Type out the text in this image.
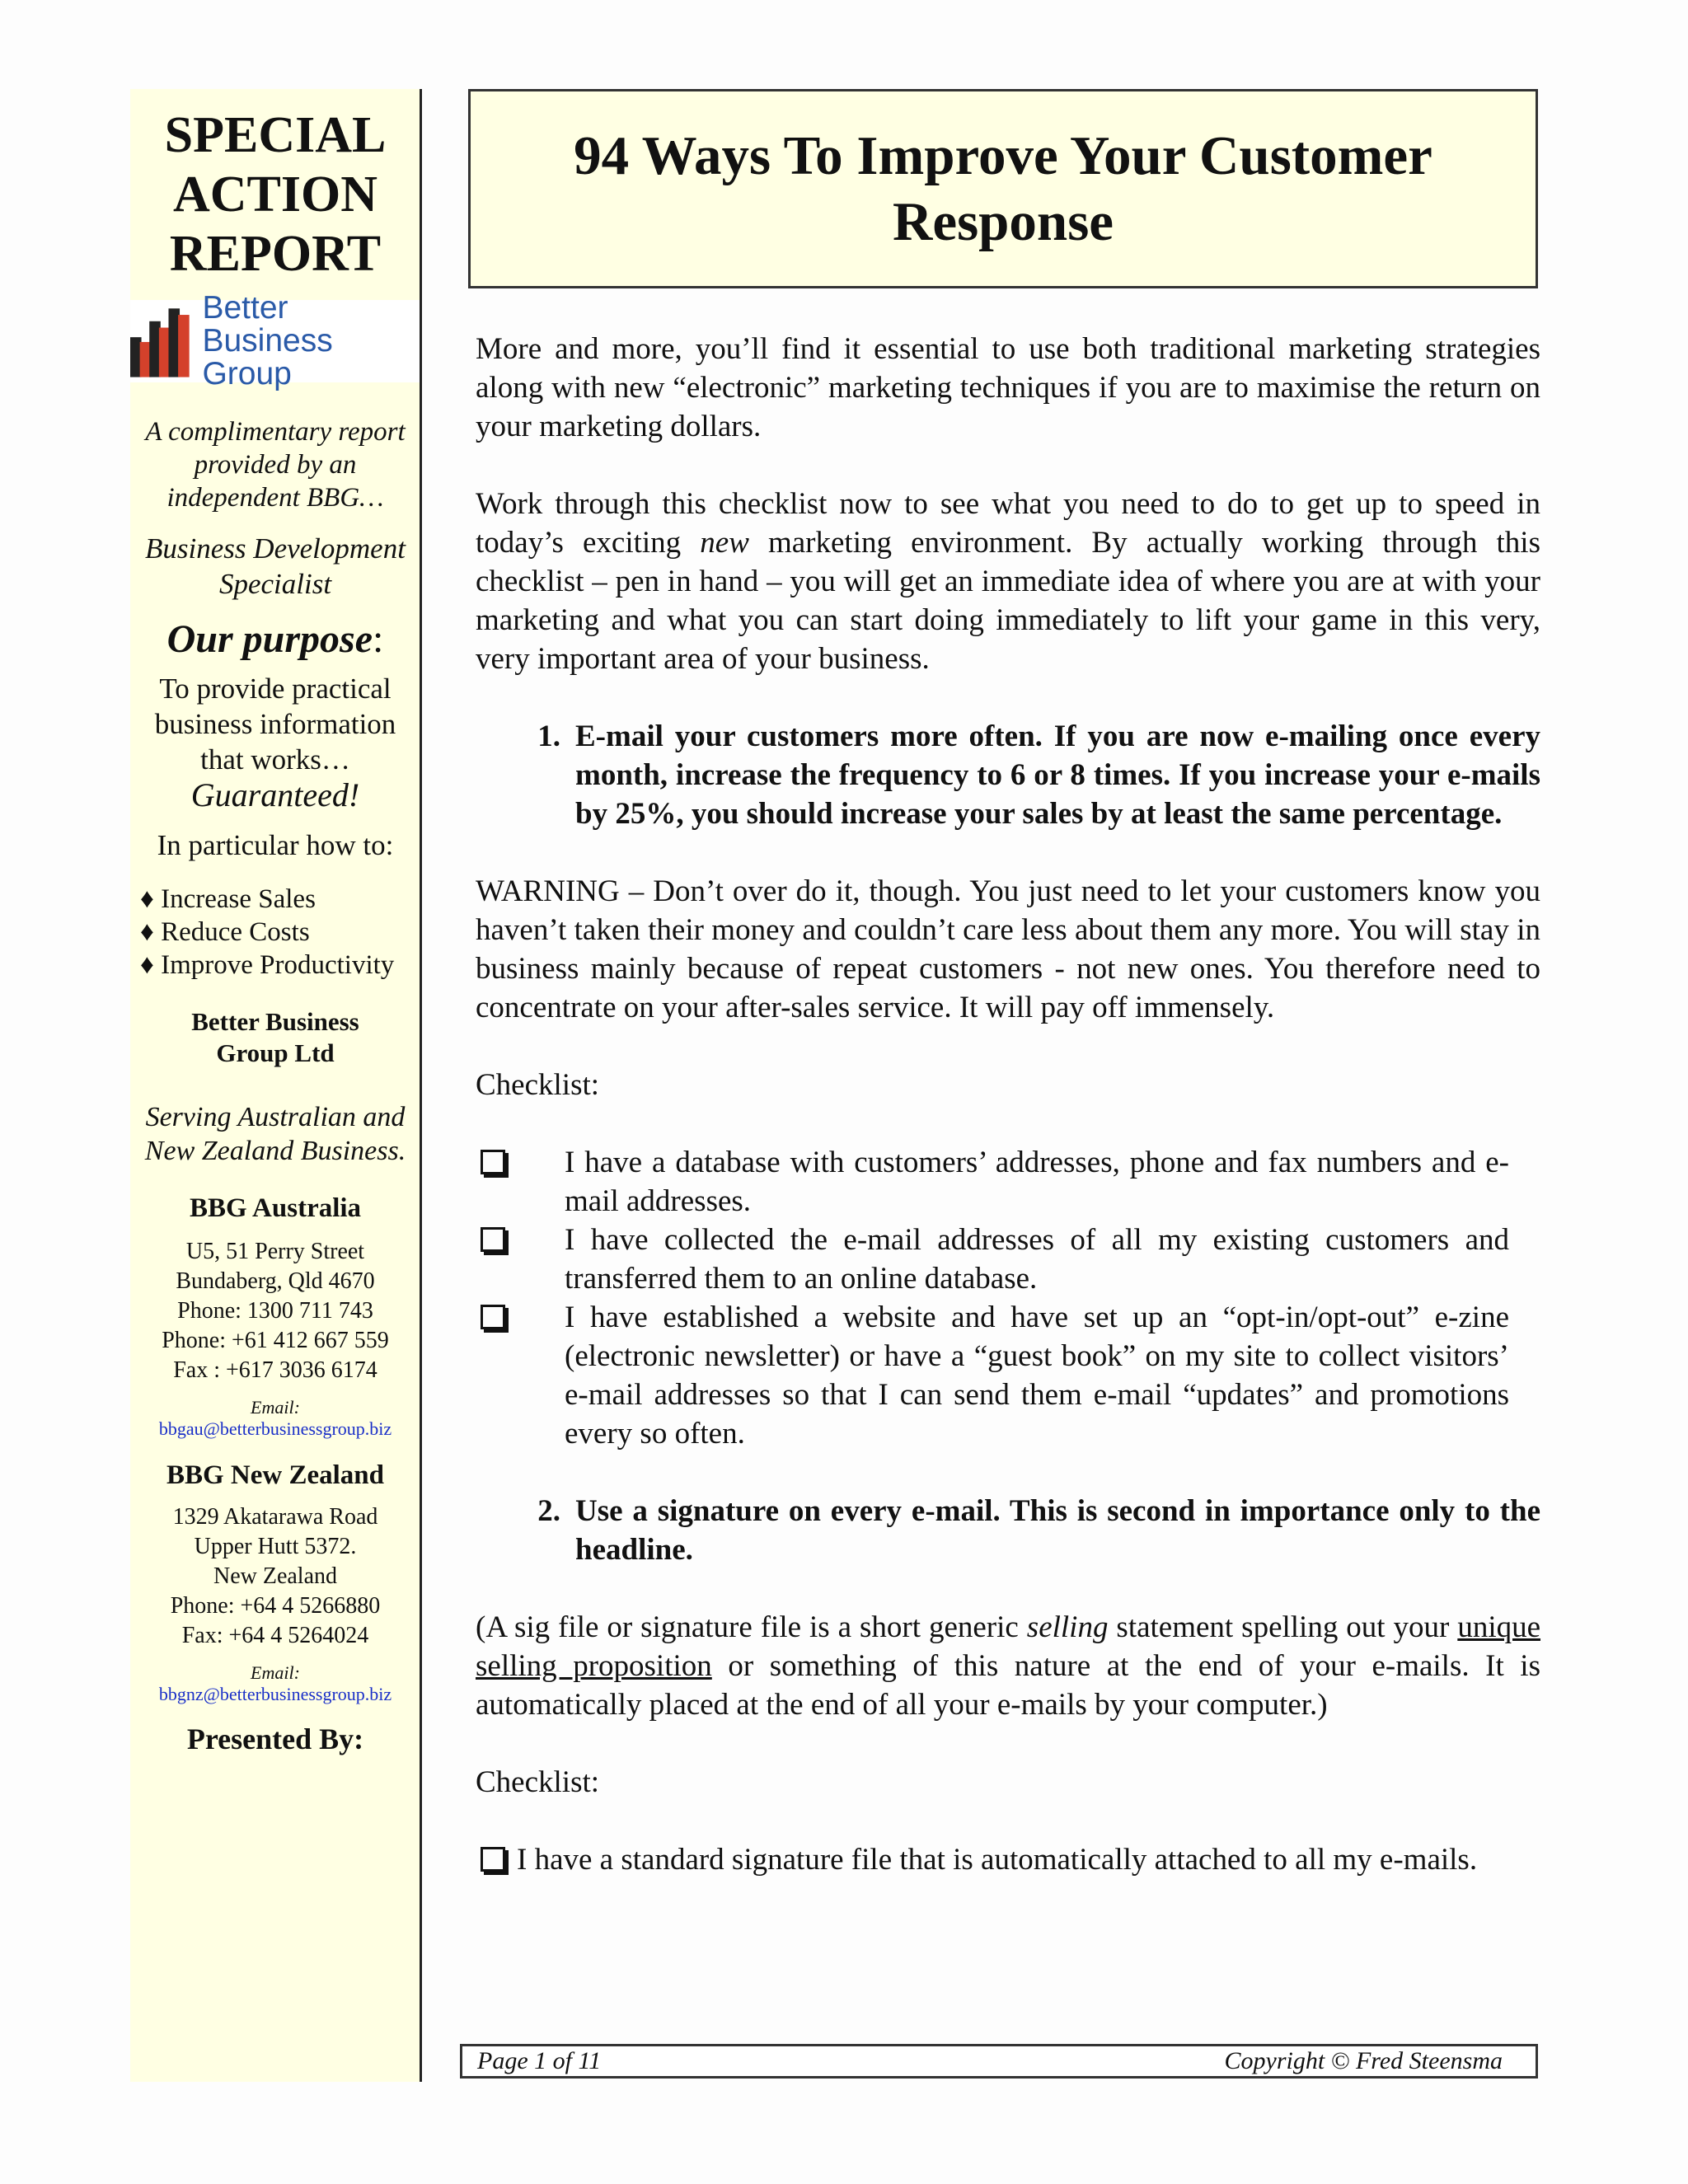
SPECIAL
ACTION
REPORT
Better Business
Group
A complimentary report provided by an independent BBG…
Business Development Specialist
Our purpose:
To provide practical business information that works…
Guaranteed!
In particular how to:
♦ Increase Sales
♦ Reduce Costs
♦ Improve Productivity
Better Business Group Ltd
Serving Australian and New Zealand Business.
BBG Australia
U5, 51 Perry Street
Bundaberg, Qld 4670
Phone: 1300 711 743
Phone: +61 412 667 559
Fax : +617 3036 6174
Email:
bbgau@betterbusinessgroup.biz
BBG New Zealand
1329 Akatarawa Road
Upper Hutt 5372.
New Zealand
Phone: +64 4 5266880
Fax: +64 4 5264024
Email:
bbgnz@betterbusinessgroup.biz
Presented By:
94 Ways To Improve Your Customer Response

More and more, you’ll find it essential to use both traditional marketing strategies along with new “electronic” marketing techniques if you are to maximise the return on your marketing dollars.

Work through this checklist now to see what you need to do to get up to speed in today’s exciting new marketing environment. By actually working through this checklist – pen in hand – you will get an immediate idea of where you are at with your marketing and what you can start doing immediately to lift your game in this very, very important area of your business.

1. E-mail your customers more often. If you are now e-mailing once every month, increase the frequency to 6 or 8 times. If you increase your e-mails by 25%, you should increase your sales by at least the same percentage.

WARNING – Don’t over do it, though. You just need to let your customers know you haven’t taken their money and couldn’t care less about them any more. You will stay in business mainly because of repeat customers - not new ones. You therefore need to concentrate on your after-sales service. It will pay off immensely.

Checklist:

I have a database with customers’ addresses, phone and fax numbers and e-mail addresses.
I have collected the e-mail addresses of all my existing customers and transferred them to an online database.
I have established a website and have set up an “opt-in/opt-out” e-zine (electronic newsletter) or have a “guest book” on my site to collect visitors’ e-mail addresses so that I can send them e-mail “updates” and promotions every so often.
2. Use a signature on every e-mail. This is second in importance only to the headline.

(A sig file or signature file is a short generic selling statement spelling out your unique selling proposition or something of this nature at the end of your e-mails. It is automatically placed at the end of all your e-mails by your computer.)

Checklist:

I have a standard signature file that is automatically attached to all my e-mails.
Page 1 of 11	Copyright © Fred Steensma
